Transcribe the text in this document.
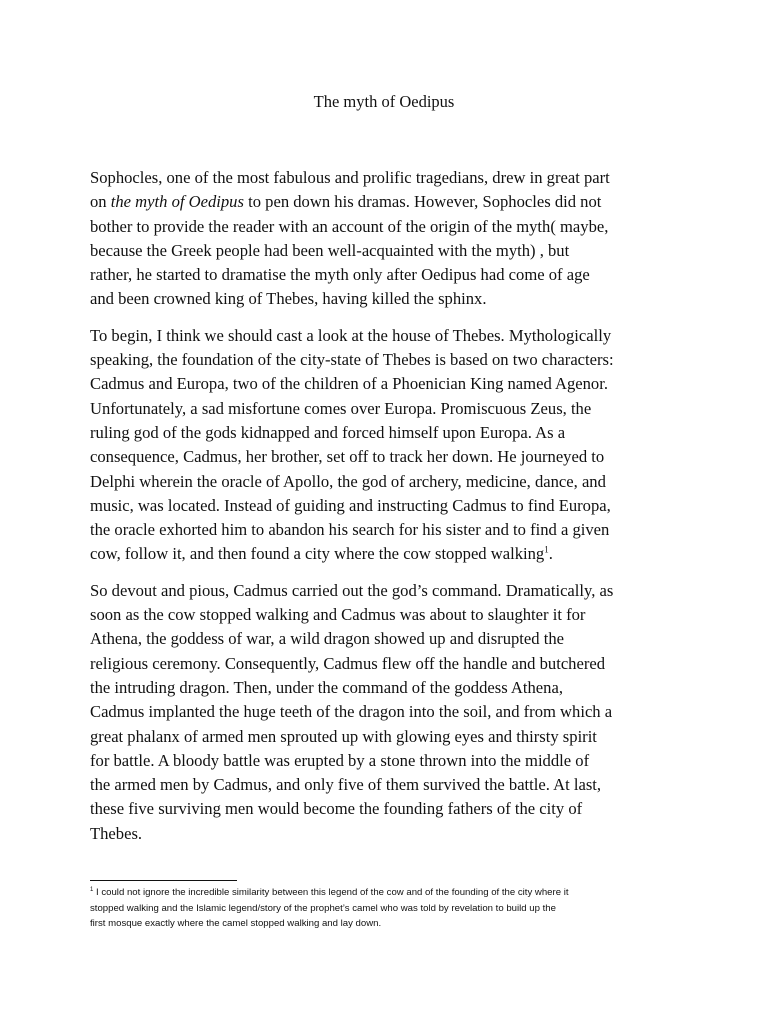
The myth of Oedipus
Sophocles, one of the most fabulous and prolific tragedians, drew in great part
on the myth of Oedipus to pen down his dramas. However, Sophocles did not
bother to provide the reader with an account of the origin of the myth( maybe,
because the Greek people had been well-acquainted with the myth) , but
rather, he started to dramatise the myth only after Oedipus had come of age
and been crowned king of Thebes, having killed the sphinx.
To begin, I think we should cast a look at the house of Thebes. Mythologically
speaking, the foundation of the city-state of Thebes is based on two characters:
Cadmus and Europa, two of the children of a Phoenician King named Agenor.
Unfortunately, a sad misfortune comes over Europa. Promiscuous Zeus, the
ruling god of the gods kidnapped and forced himself upon Europa. As a
consequence, Cadmus, her brother, set off to track her down. He journeyed to
Delphi wherein the oracle of Apollo, the god of archery, medicine, dance, and
music, was located. Instead of guiding and instructing Cadmus to find Europa,
the oracle exhorted him to abandon his search for his sister and to find a given
cow, follow it, and then found a city where the cow stopped walking$^1$.
So devout and pious, Cadmus carried out the god’s command. Dramatically, as
soon as the cow stopped walking and Cadmus was about to slaughter it for
Athena, the goddess of war, a wild dragon showed up and disrupted the
religious ceremony. Consequently, Cadmus flew off the handle and butchered
the intruding dragon. Then, under the command of the goddess Athena,
Cadmus implanted the huge teeth of the dragon into the soil, and from which a
great phalanx of armed men sprouted up with glowing eyes and thirsty spirit
for battle. A bloody battle was erupted by a stone thrown into the middle of
the armed men by Cadmus, and only five of them survived the battle. At last,
these five surviving men would become the founding fathers of the city of
Thebes.
$^1$ I could not ignore the incredible similarity between this legend of the cow and of the founding of the city where it
stopped walking and the Islamic legend/story of the prophet’s camel who was told by revelation to build up the
first mosque exactly where the camel stopped walking and lay down.
